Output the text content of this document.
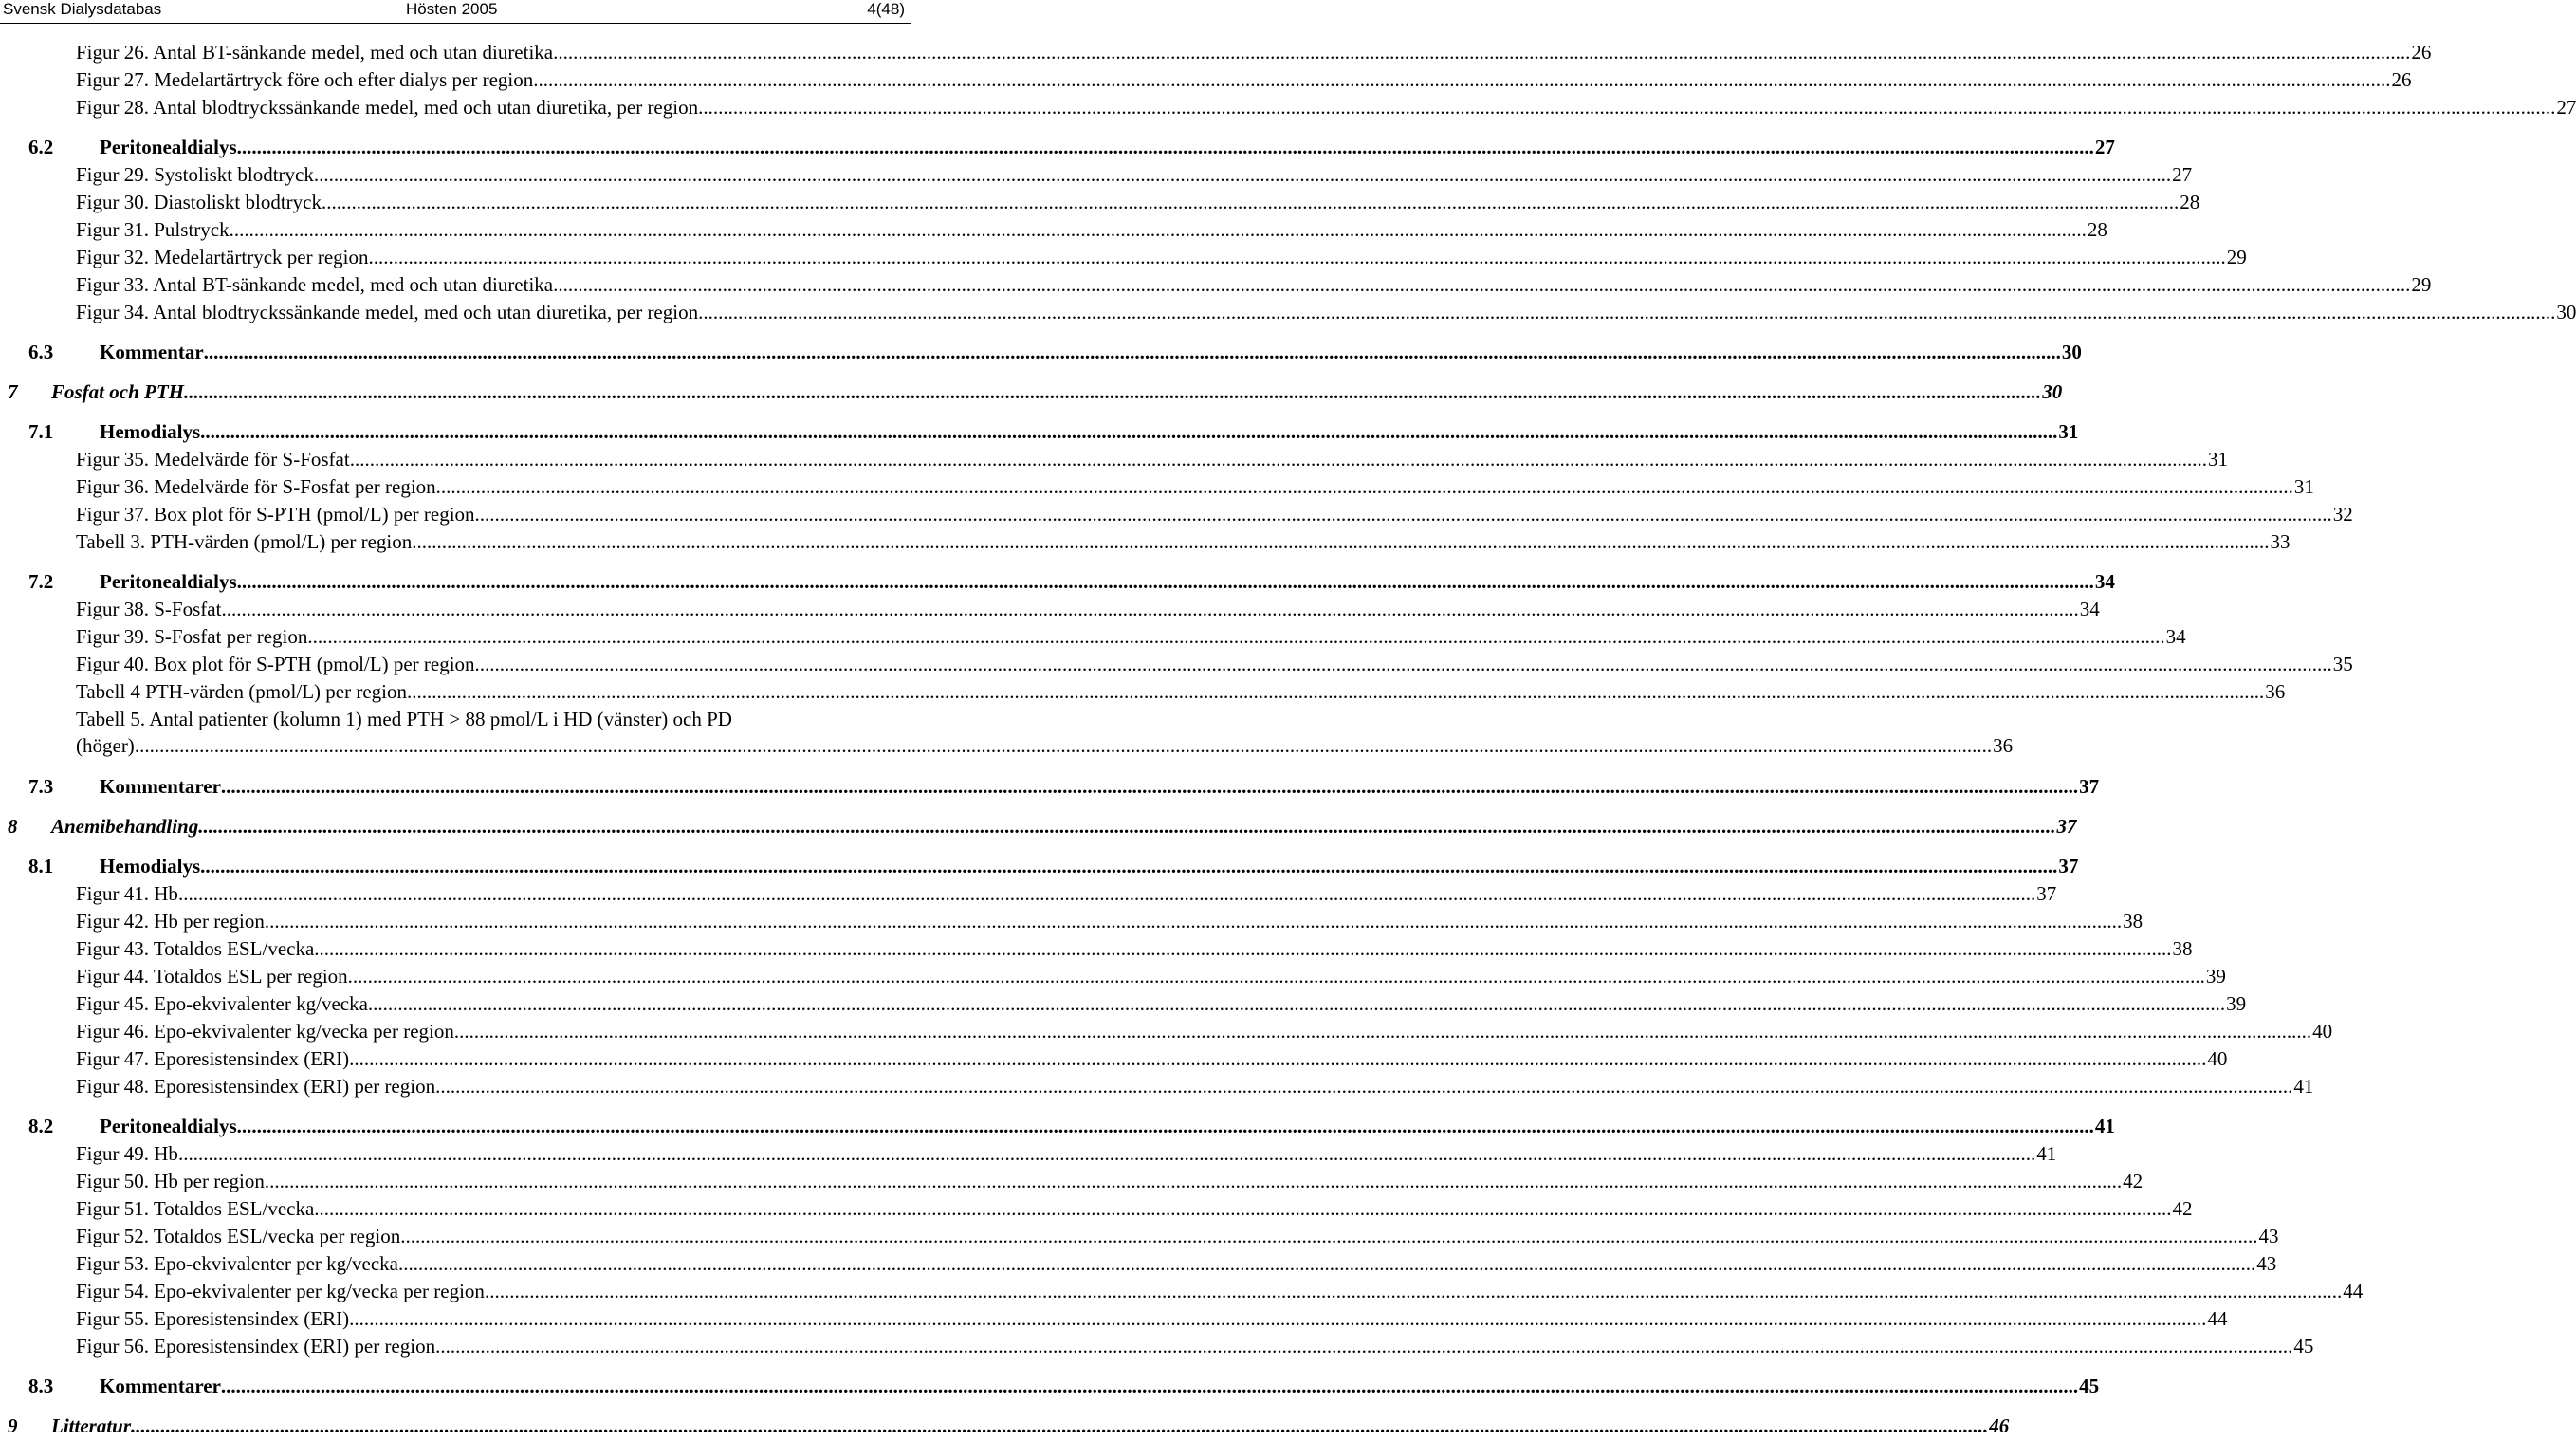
Svensk Dialysdatabas	Hösten 2005	4(48)
Figur 26. Antal BT-sänkande medel, med och utan diuretika .....	26
Figur 27. Medelartärtryck före och efter dialys per region .....	26
Figur 28. Antal blodtryckssänkande medel, med och utan diuretika, per region .....	27
6.2	Peritonealdialys .....	27
Figur 29. Systoliskt blodtryck .....	27
Figur 30. Diastoliskt blodtryck .....	28
Figur 31. Pulstryck .....	28
Figur 32. Medelartärtryck per region .....	29
Figur 33. Antal BT-sänkande medel, med och utan diuretika .....	29
Figur 34. Antal blodtryckssänkande medel, med och utan diuretika, per region .....	30
6.3	Kommentar .....	30
7	Fosfat och PTH .....	30
7.1	Hemodialys .....	31
Figur 35. Medelvärde för S-Fosfat .....	31
Figur 36. Medelvärde för S-Fosfat per region .....	31
Figur 37. Box plot för S-PTH (pmol/L) per region .....	32
Tabell 3. PTH-värden (pmol/L) per region .....	33
7.2	Peritonealdialys .....	34
Figur 38. S-Fosfat .....	34
Figur 39. S-Fosfat per region .....	34
Figur 40. Box plot för S-PTH (pmol/L) per region .....	35
Tabell 4 PTH-värden (pmol/L) per region .....	36
Tabell 5. Antal patienter (kolumn 1) med PTH > 88 pmol/L i HD (vänster) och PD
(höger) .....	36
7.3	Kommentarer .....	37
8	Anemibehandling .....	37
8.1	Hemodialys .....	37
Figur 41. Hb .....	37
Figur 42. Hb per region .....	38
Figur 43. Totaldos ESL/vecka .....	38
Figur 44. Totaldos ESL per region .....	39
Figur 45. Epo-ekvivalenter kg/vecka .....	39
Figur 46. Epo-ekvivalenter kg/vecka per region .....	40
Figur 47. Eporesistensindex (ERI) .....	40
Figur 48. Eporesistensindex (ERI) per region .....	41
8.2	Peritonealdialys .....	41
Figur 49. Hb .....	41
Figur 50. Hb per region .....	42
Figur 51. Totaldos ESL/vecka .....	42
Figur 52. Totaldos ESL/vecka per region .....	43
Figur 53. Epo-ekvivalenter per kg/vecka .....	43
Figur 54. Epo-ekvivalenter per kg/vecka per region .....	44
Figur 55. Eporesistensindex (ERI) .....	44
Figur 56. Eporesistensindex (ERI) per region .....	45
8.3	Kommentarer .....	45
9	Litteratur .....	46
